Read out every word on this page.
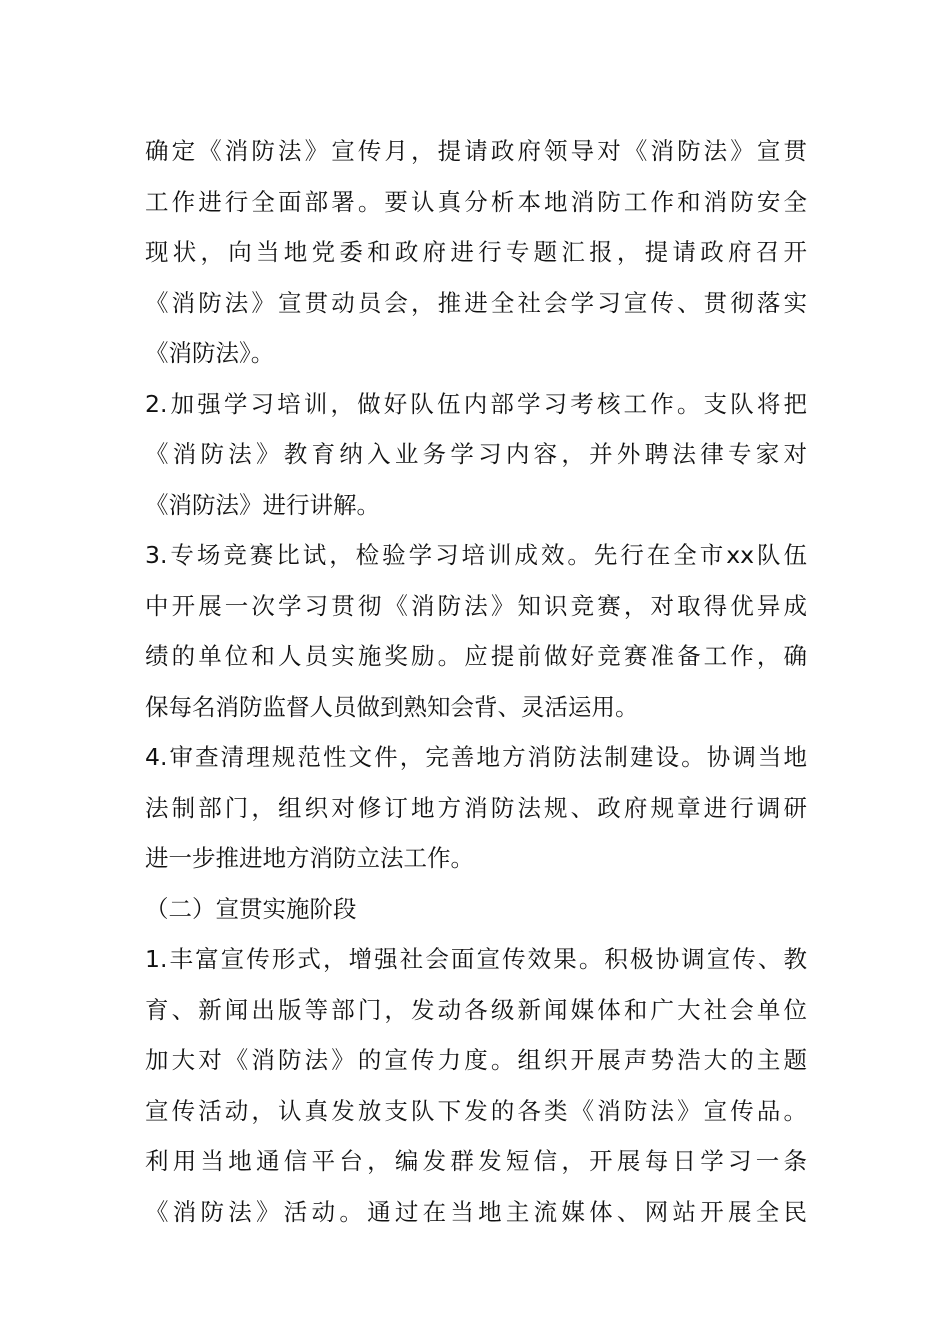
确定《消防法》宣传月，提请政府领导对《消防法》宣贯
工作进行全面部署。要认真分析本地消防工作和消防安全
现状，向当地党委和政府进行专题汇报，提请政府召开
《消防法》宣贯动员会，推进全社会学习宣传、贯彻落实
《消防法》。
2.加强学习培训，做好队伍内部学习考核工作。支队将把
《消防法》教育纳入业务学习内容，并外聘法律专家对
《消防法》进行讲解。
3.专场竞赛比试，检验学习培训成效。先行在全市xx队伍
中开展一次学习贯彻《消防法》知识竞赛，对取得优异成
绩的单位和人员实施奖励。应提前做好竞赛准备工作，确
保每名消防监督人员做到熟知会背、灵活运用。
4.审查清理规范性文件，完善地方消防法制建设。协调当地
法制部门，组织对修订地方消防法规、政府规章进行调研
进一步推进地方消防立法工作。
（二）宣贯实施阶段
1.丰富宣传形式，增强社会面宣传效果。积极协调宣传、教
育、新闻出版等部门，发动各级新闻媒体和广大社会单位
加大对《消防法》的宣传力度。组织开展声势浩大的主题
宣传活动，认真发放支队下发的各类《消防法》宣传品。
利用当地通信平台，编发群发短信，开展每日学习一条
《消防法》活动。通过在当地主流媒体、网站开展全民
